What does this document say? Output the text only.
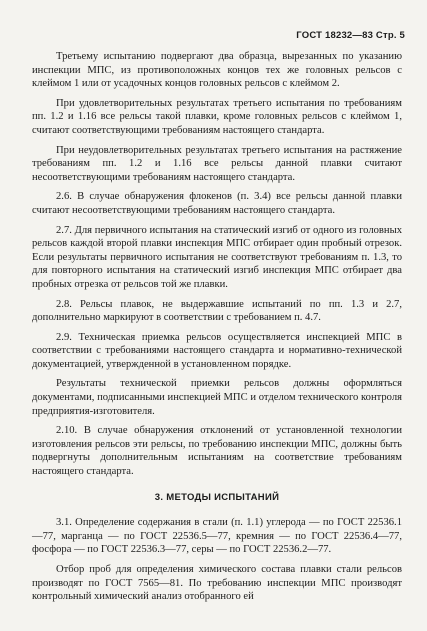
ГОСТ 18232—83 Стр. 5

Третьему испытанию подвергают два образца, вырезанных по указанию инспекции МПС, из противоположных концов тех же головных рельсов с клеймом 1 или от усадочных концов головных рельсов с клеймом 2.

При удовлетворительных результатах третьего испытания по требованиям пп. 1.2 и 1.16 все рельсы такой плавки, кроме головных рельсов с клеймом 1, считают соответствующими требованиям настоящего стандарта.

При неудовлетворительных результатах третьего испытания на растяжение требованиям пп. 1.2 и 1.16 все рельсы данной плавки считают несоответствующими требованиям настоящего стандарта.

2.6. В случае обнаружения флокенов (п. 3.4) все рельсы данной плавки считают несоответствующими требованиям настоящего стандарта.

2.7. Для первичного испытания на статический изгиб от одного из головных рельсов каждой второй плавки инспекция МПС отбирает один пробный отрезок. Если результаты первичного испытания не соответствуют требованиям п. 1.3, то для повторного испытания на статический изгиб инспекция МПС отбирает два пробных отрезка от рельсов той же плавки.

2.8. Рельсы плавок, не выдержавшие испытаний по пп. 1.3 и 2.7, дополнительно маркируют в соответствии с требованием п. 4.7.

2.9. Техническая приемка рельсов осуществляется инспекцией МПС в соответствии с требованиями настоящего стандарта и нормативно-технической документацией, утвержденной в установленном порядке.

Результаты технической приемки рельсов должны оформляться документами, подписанными инспекцией МПС и отделом технического контроля предприятия-изготовителя.

2.10. В случае обнаружения отклонений от установленной технологии изготовления рельсов эти рельсы, по требованию инспекции МПС, должны быть подвергнуты дополнительным испытаниям на соответствие требованиям настоящего стандарта.

3. МЕТОДЫ ИСПЫТАНИЙ

3.1. Определение содержания в стали (п. 1.1) углерода — по ГОСТ 22536.1—77, марганца — по ГОСТ 22536.5—77, кремния — по ГОСТ 22536.4—77, фосфора — по ГОСТ 22536.3—77, серы — по ГОСТ 22536.2—77.

Отбор проб для определения химического состава плавки стали рельсов производят по ГОСТ 7565—81. По требованию инспекции МПС производят контрольный химический анализ отобранного ей
